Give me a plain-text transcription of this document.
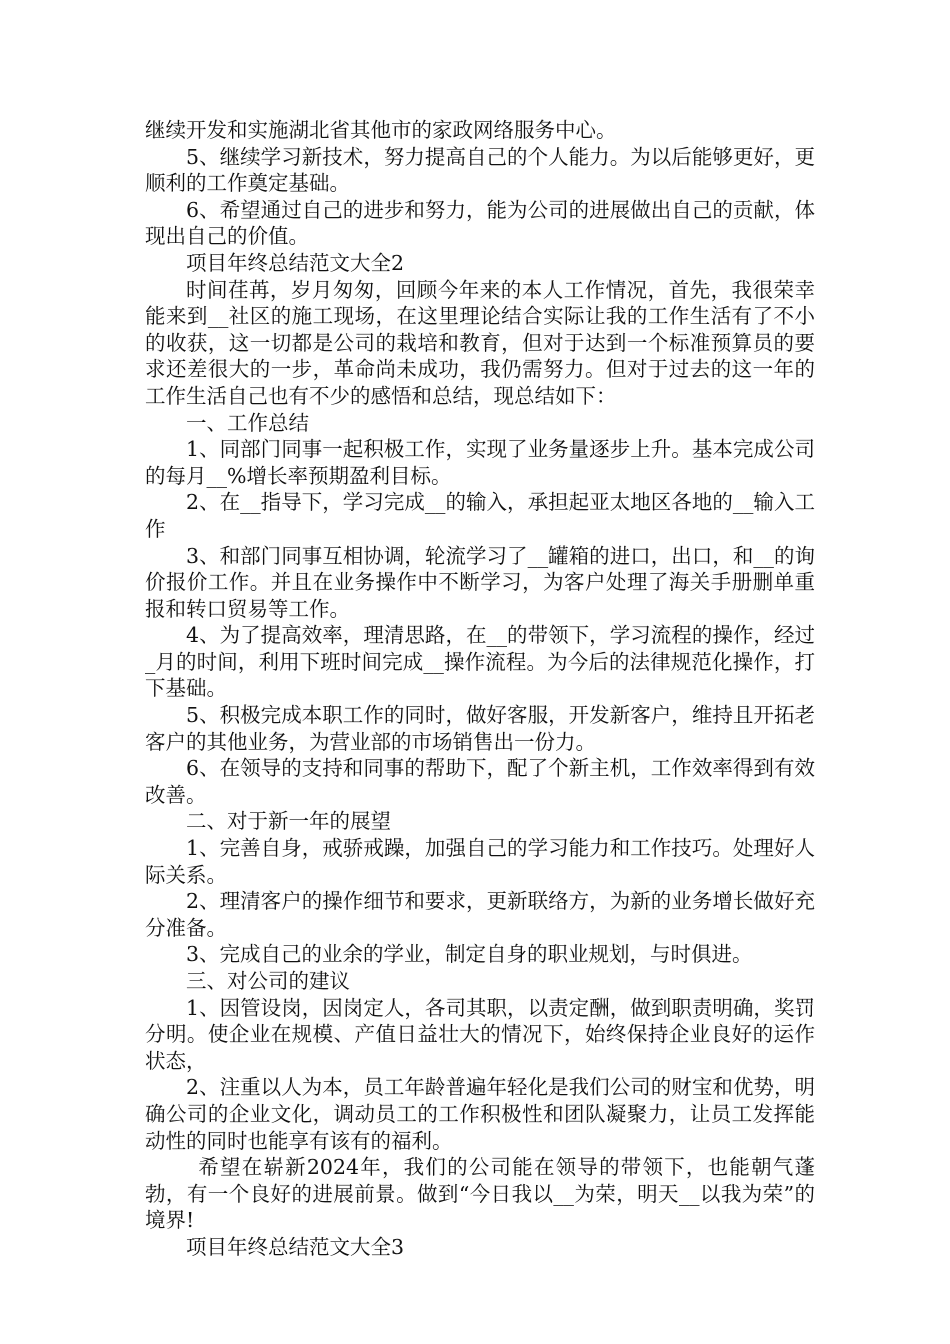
继续开发和实施湖北省其他市的家政网络服务中心。

5、继续学习新技术，努力提高自己的个人能力。为以后能够更好，更顺利的工作奠定基础。

6、希望通过自己的进步和努力，能为公司的进展做出自己的贡献，体现出自己的价值。

项目年终总结范文大全2

时间荏苒，岁月匆匆，回顾今年来的本人工作情况，首先，我很荣幸能来到__社区的施工现场，在这里理论结合实际让我的工作生活有了不小的收获，这一切都是公司的栽培和教育，但对于达到一个标准预算员的要求还差很大的一步，革命尚未成功，我仍需努力。但对于过去的这一年的工作生活自己也有不少的感悟和总结，现总结如下：

一、工作总结

1、同部门同事一起积极工作，实现了业务量逐步上升。基本完成公司的每月__%增长率预期盈利目标。

2、在__指导下，学习完成__的输入，承担起亚太地区各地的__输入工作

3、和部门同事互相协调，轮流学习了__罐箱的进口，出口，和__的询价报价工作。并且在业务操作中不断学习，为客户处理了海关手册删单重报和转口贸易等工作。

4、为了提高效率，理清思路，在__的带领下，学习流程的操作，经过_月的时间，利用下班时间完成__操作流程。为今后的法律规范化操作，打下基础。

5、积极完成本职工作的同时，做好客服，开发新客户，维持且开拓老客户的其他业务，为营业部的市场销售出一份力。

6、在领导的支持和同事的帮助下，配了个新主机，工作效率得到有效改善。

二、对于新一年的展望

1、完善自身，戒骄戒躁，加强自己的学习能力和工作技巧。处理好人际关系。

2、理清客户的操作细节和要求，更新联络方，为新的业务增长做好充分准备。

3、完成自己的业余的学业，制定自身的职业规划，与时俱进。

三、对公司的建议

1、因管设岗，因岗定人，各司其职，以责定酬，做到职责明确，奖罚分明。使企业在规模、产值日益壮大的情况下，始终保持企业良好的运作状态，

2、注重以人为本，员工年龄普遍年轻化是我们公司的财宝和优势，明确公司的企业文化，调动员工的工作积极性和团队凝聚力，让员工发挥能动性的同时也能享有该有的福利。

希望在崭新2024年，我们的公司能在领导的带领下，也能朝气蓬勃，有一个良好的进展前景。做到“今日我以__为荣，明天__以我为荣”的境界!

项目年终总结范文大全3
